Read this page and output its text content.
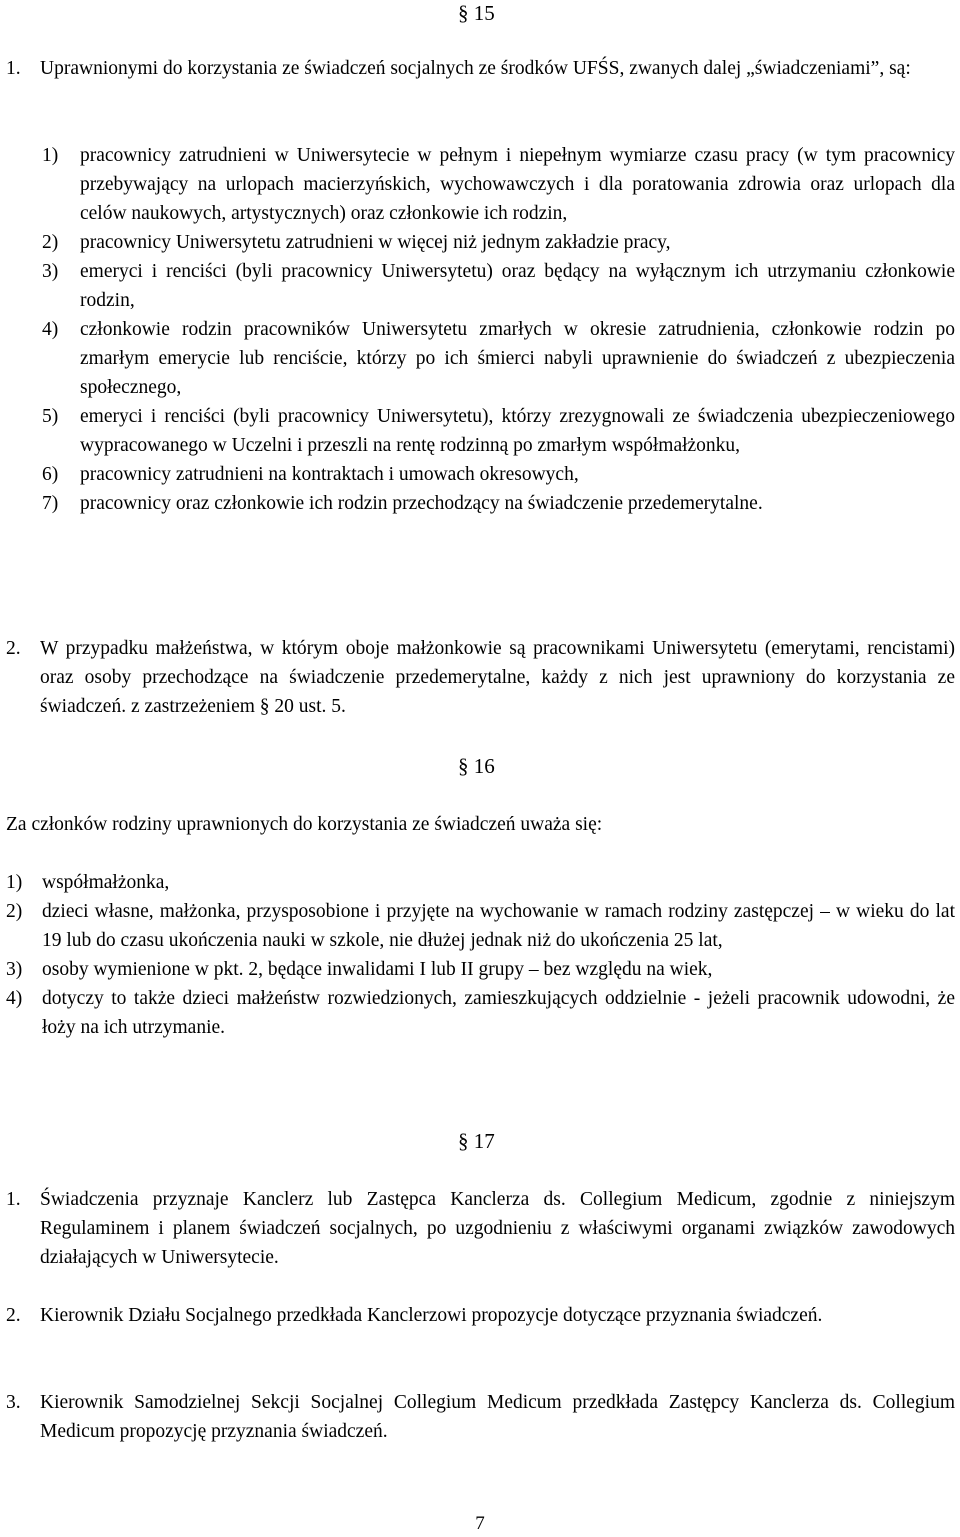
§ 15
1. Uprawnionymi do korzystania ze świadczeń socjalnych ze środków UFŚS, zwanych dalej „świadczeniami”, są:
1) pracownicy zatrudnieni w Uniwersytecie w pełnym i niepełnym wymiarze czasu pracy (w tym pracownicy przebywający na urlopach macierzyńskich, wychowawczych i dla poratowania zdrowia oraz urlopach dla celów naukowych, artystycznych) oraz członkowie ich rodzin,
2) pracownicy Uniwersytetu zatrudnieni w więcej niż jednym zakładzie pracy,
3) emeryci i renciści (byli pracownicy Uniwersytetu) oraz będący na wyłącznym ich utrzymaniu członkowie rodzin,
4) członkowie rodzin pracowników Uniwersytetu zmarłych w okresie zatrudnienia, członkowie rodzin po zmarłym emerycie lub renciście, którzy po ich śmierci nabyli uprawnienie do świadczeń z ubezpieczenia społecznego,
5) emeryci i renciści (byli pracownicy Uniwersytetu), którzy zrezygnowali ze świadczenia ubezpieczeniowego wypracowanego w Uczelni i przeszli na rentę rodzinną po zmarłym współmałżonku,
6) pracownicy zatrudnieni na kontraktach i umowach okresowych,
7) pracownicy oraz członkowie ich rodzin przechodzący na świadczenie przedemerytalne.
2. W przypadku małżeństwa, w którym oboje małżonkowie są pracownikami Uniwersytetu (emerytami, rencistami) oraz osoby przechodzące na świadczenie przedemerytalne, każdy z nich jest uprawniony do korzystania ze świadczeń. z zastrzeżeniem § 20 ust. 5.
§ 16
Za członków rodziny uprawnionych do korzystania ze świadczeń uważa się:
1) współmałżonka,
2) dzieci własne, małżonka, przysposobione i przyjęte na wychowanie w ramach rodziny zastępczej – w wieku do lat 19 lub do czasu ukończenia nauki w szkole, nie dłużej jednak niż do ukończenia 25 lat,
3) osoby wymienione w pkt. 2, będące inwalidami I lub II grupy – bez względu na wiek,
4) dotyczy to także dzieci małżeństw rozwiedzionych, zamieszkujących oddzielnie - jeżeli pracownik udowodni, że łoży na ich utrzymanie.
§ 17
1. Świadczenia przyznaje Kanclerz lub Zastępca Kanclerza ds. Collegium Medicum, zgodnie z niniejszym Regulaminem i planem świadczeń socjalnych, po uzgodnieniu z właściwymi organami związków zawodowych działających w Uniwersytecie.
2. Kierownik Działu Socjalnego przedkłada Kanclerzowi propozycje dotyczące przyznania świadczeń.
3. Kierownik Samodzielnej Sekcji Socjalnej Collegium Medicum przedkłada Zastępcy Kanclerza ds. Collegium Medicum propozycję przyznania świadczeń.
7
